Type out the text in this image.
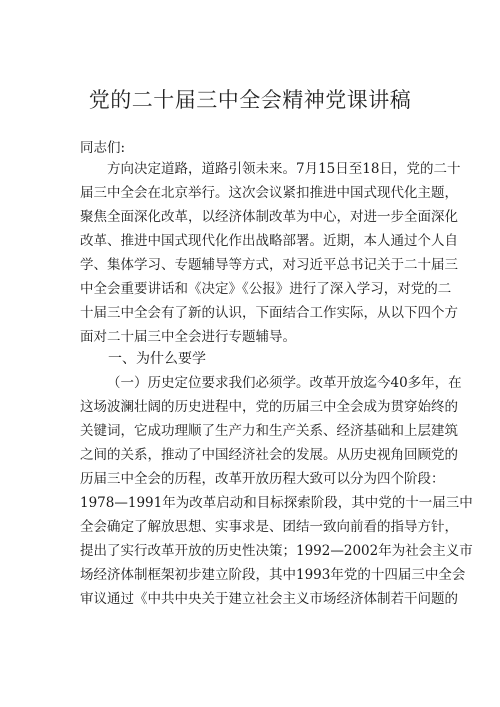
党的二十届三中全会精神党课讲稿
同志们:
方向决定道路，道路引领未来。7月15日至18日，党的二十
届三中全会在北京举行。这次会议紧扣推进中国式现代化主题，
聚焦全面深化改革，以经济体制改革为中心，对进一步全面深化
改革、推进中国式现代化作出战略部署。近期，本人通过个人自
学、集体学习、专题辅导等方式，对习近平总书记关于二十届三
中全会重要讲话和《决定》《公报》进行了深入学习，对党的二
十届三中全会有了新的认识，下面结合工作实际，从以下四个方
面对二十届三中全会进行专题辅导。
一、为什么要学
（一）历史定位要求我们必须学。改革开放迄今40多年，在
这场波澜壮阔的历史进程中，党的历届三中全会成为贯穿始终的
关键词，它成功理顺了生产力和生产关系、经济基础和上层建筑
之间的关系，推动了中国经济社会的发展。从历史视角回顾党的
历届三中全会的历程，改革开放历程大致可以分为四个阶段：
1978—1991年为改革启动和目标探索阶段，其中党的十一届三中
全会确定了解放思想、实事求是、团结一致向前看的指导方针，
提出了实行改革开放的历史性决策；1992—2002年为社会主义市
场经济体制框架初步建立阶段，其中1993年党的十四届三中全会
审议通过《中共中央关于建立社会主义市场经济体制若干问题的
